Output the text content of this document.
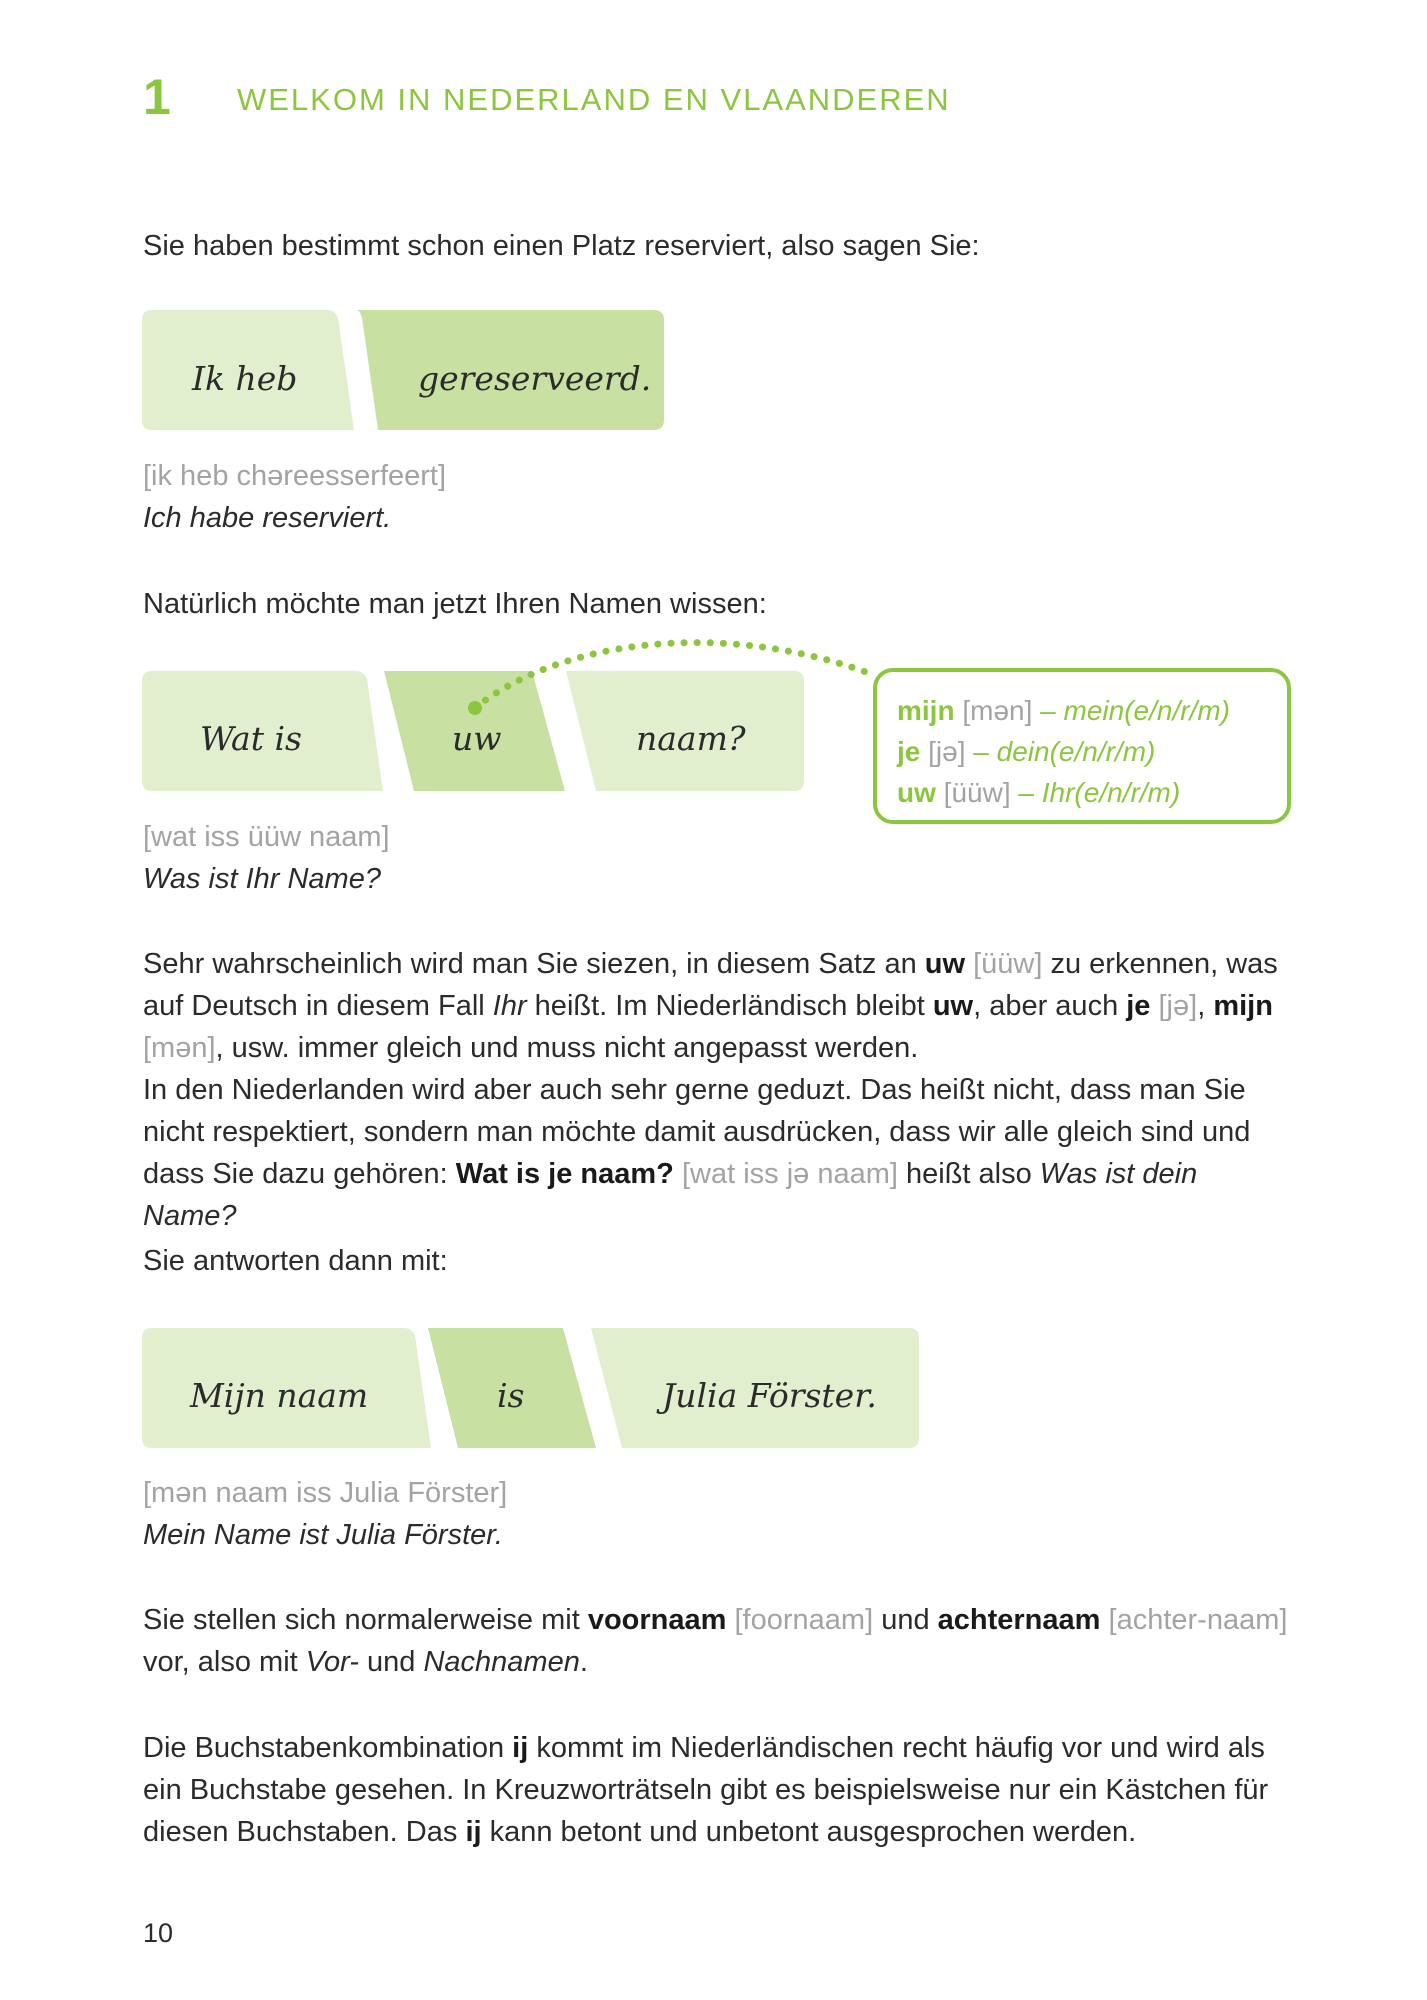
1 WELKOM IN NEDERLAND EN VLAANDEREN
Sie haben bestimmt schon einen Platz reserviert, also sagen Sie:
Ik heb	gereserveerd.
Wat is	uw	naam?
Mijn naam	is	Julia Förster.
[ik heb chəreesserfeert]
Ich habe reserviert.
Natürlich möchte man jetzt Ihren Namen wissen:
mijn [mən] – mein(e/n/r/m)
je [jə] – dein(e/n/r/m)
uw [üüw] – Ihr(e/n/r/m)
[wat iss üüw naam]
Was ist Ihr Name?
Sehr wahrscheinlich wird man Sie siezen, in diesem Satz an uw [üüw] zu erkennen, was auf Deutsch in diesem Fall Ihr heißt. Im Niederländisch bleibt uw, aber auch je [jə], mijn [mən], usw. immer gleich und muss nicht angepasst werden.
In den Niederlanden wird aber auch sehr gerne geduzt. Das heißt nicht, dass man Sie nicht respektiert, sondern man möchte damit ausdrücken, dass wir alle gleich sind und dass Sie dazu gehören: Wat is je naam? [wat iss jə naam] heißt also Was ist dein Name?
Sie antworten dann mit:
[mən naam iss Julia Förster]
Mein Name ist Julia Förster.
Sie stellen sich normalerweise mit voornaam [foornaam] und achternaam [achter-naam] vor, also mit Vor- und Nachnamen.
Die Buchstabenkombination ij kommt im Niederländischen recht häufig vor und wird als ein Buchstabe gesehen. In Kreuzworträtseln gibt es beispielsweise nur ein Kästchen für diesen Buchstaben. Das ij kann betont und unbetont ausgesprochen werden.
10
